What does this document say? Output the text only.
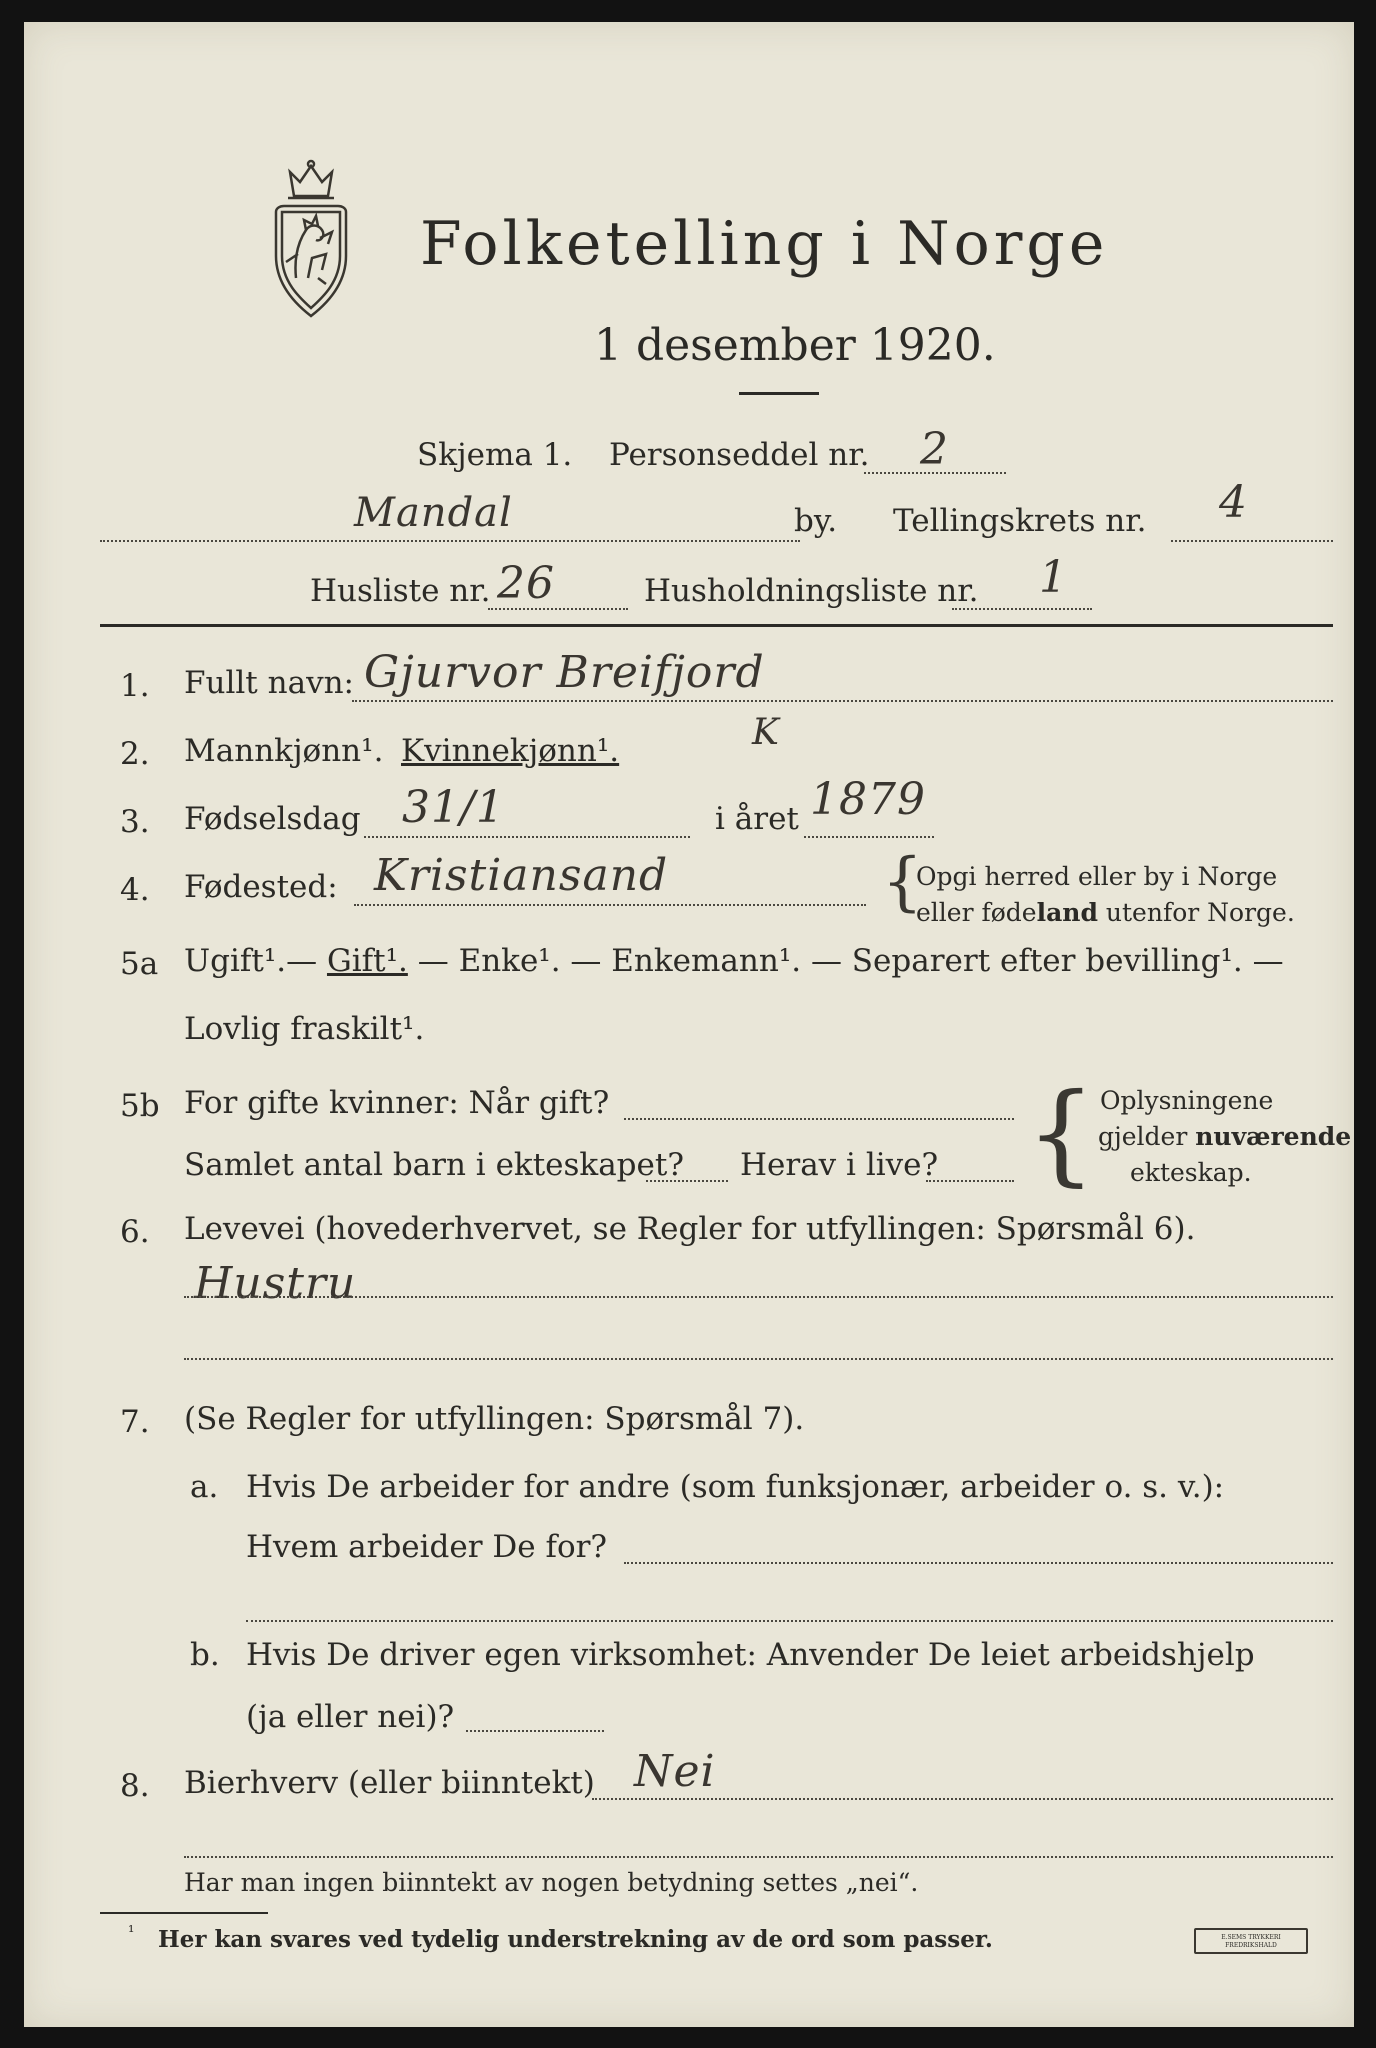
Folketelling i Norge
1 desember 1920.
Skjema 1. Personseddel nr. 2
Mandal	by. Tellingskrets nr. 4
Husliste nr. 26	Husholdningsliste nr. 1
1. Fullt navn: Gjurvor Breifjord
2. Mannkjønn¹. Kvinnekjønn¹.	K
3. Fødselsdag 31/1	i året 1879
4. Fødested: Kristiansand	{
Opgi herred eller by i Norge
eller fødeland utenfor Norge.
5a Ugift¹.— Gift¹. — Enke¹. — Enkemann¹. — Separert efter bevilling¹. —
Lovlig fraskilt¹.
5b For gifte kvinner: Når gift?
Samlet antal barn i ekteskapet? Herav i live? { Oplysningene
gjelder nuværende
ekteskap.
6. Levevei (hovederhvervet, se Regler for utfyllingen: Spørsmål 6).
Hustru
7. (Se Regler for utfyllingen: Spørsmål 7).
a. Hvis De arbeider for andre (som funksjonær, arbeider o. s. v.):
Hvem arbeider De for?
b. Hvis De driver egen virksomhet: Anvender De leiet arbeidshjelp
(ja eller nei)?
8. Bierhverv (eller biinntekt) Nei
Har man ingen biinntekt av nogen betydning settes „nei“.
¹ Her kan svares ved tydelig understrekning av de ord som passer.	E.SEMS TRYKKERI FREDRIKSHALD
